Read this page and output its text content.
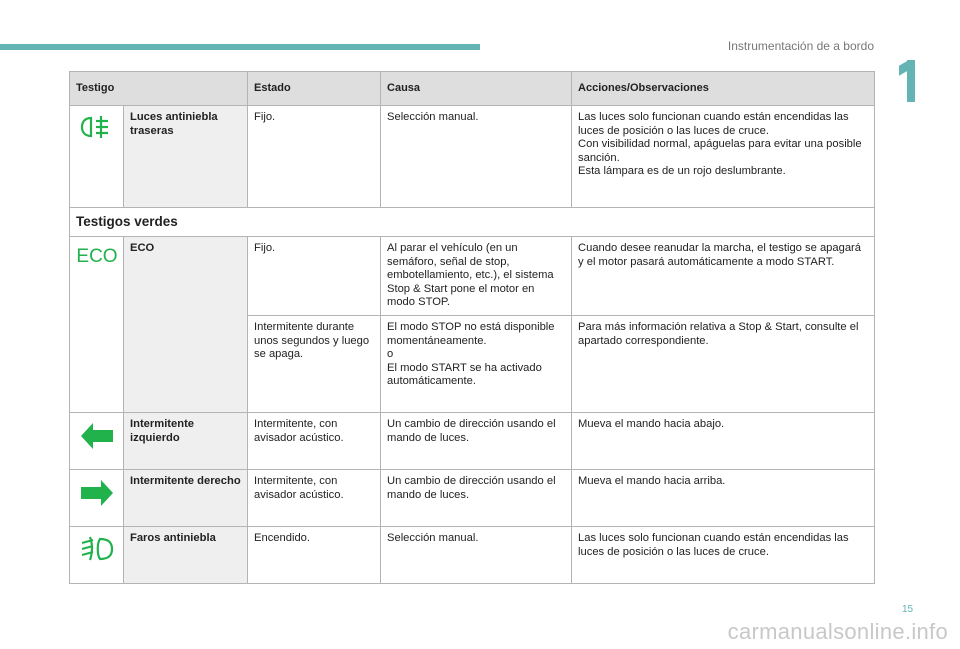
Instrumentación de a bordo
Testigo		Estado	Causa	Acciones/Observaciones
	Luces antiniebla traseras	Fijo.	Selección manual.	Las luces solo funcionan cuando están encendidas las luces de posición o las luces de cruce.
Con visibilidad normal, apáguelas para evitar una posible sanción.
Esta lámpara es de un rojo deslumbrante.
Testigos verdes				

ECO	ECO	Fijo.	Al parar el vehículo (en un semáforo, señal de stop, embotellamiento, etc.), el sistema Stop & Start pone el motor en modo STOP.	Cuando desee reanudar la marcha, el testigo se apagará y el motor pasará automáticamente a modo START.
		Intermitente durante unos segundos y luego se apaga.	El modo STOP no está disponible momentáneamente.
o
El modo START se ha activado automáticamente.	Para más información relativa a Stop & Start, consulte el apartado correspondiente.
	Intermitente izquierdo	Intermitente, con avisador acústico.	Un cambio de dirección usando el mando de luces.	Mueva el mando hacia abajo.
	Intermitente derecho	Intermitente, con avisador acústico.	Un cambio de dirección usando el mando de luces.	Mueva el mando hacia arriba.
	Faros antiniebla	Encendido.	Selección manual.	Las luces solo funcionan cuando están encendidas las luces de posición o las luces de cruce.
15
carmanualsonline.info
